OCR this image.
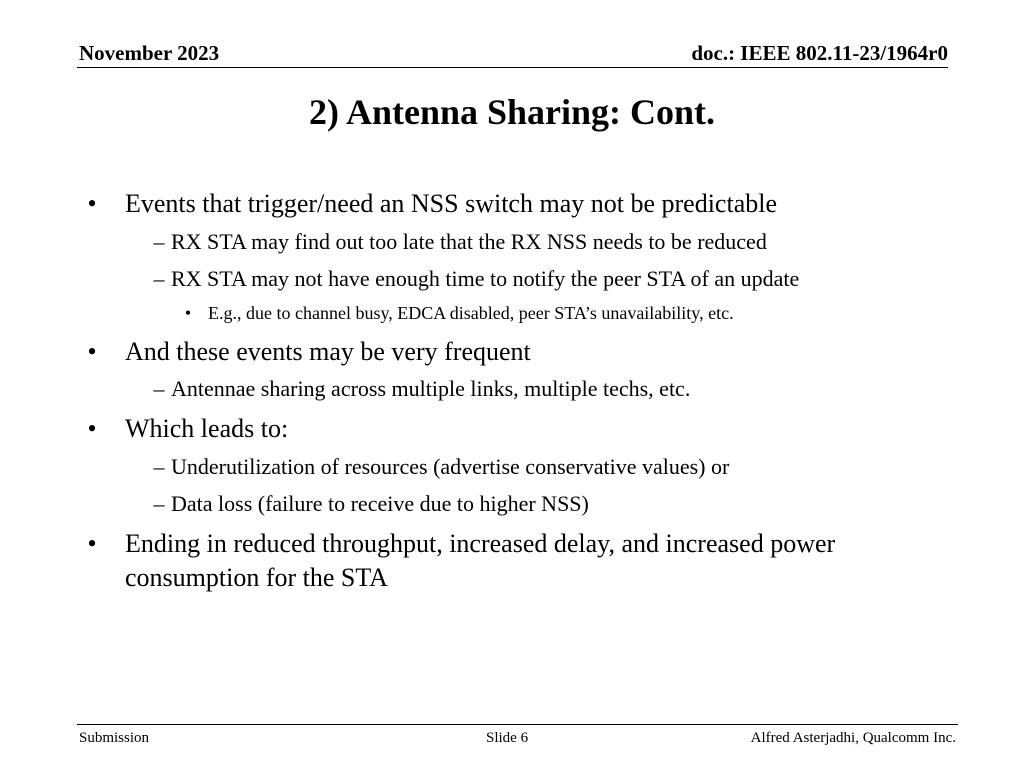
November 2023	doc.: IEEE 802.11-23/1964r0
2) Antenna Sharing: Cont.
• Events that trigger/need an NSS switch may not be predictable
– RX STA may find out too late that the RX NSS needs to be reduced
– RX STA may not have enough time to notify the peer STA of an update
• E.g., due to channel busy, EDCA disabled, peer STA’s unavailability, etc.
• And these events may be very frequent
– Antennae sharing across multiple links, multiple techs, etc.
• Which leads to:
– Underutilization of resources (advertise conservative values) or
– Data loss (failure to receive due to higher NSS)
• Ending in reduced throughput, increased delay, and increased power
consumption for the STA
Submission	Slide 6	Alfred Asterjadhi, Qualcomm Inc.
